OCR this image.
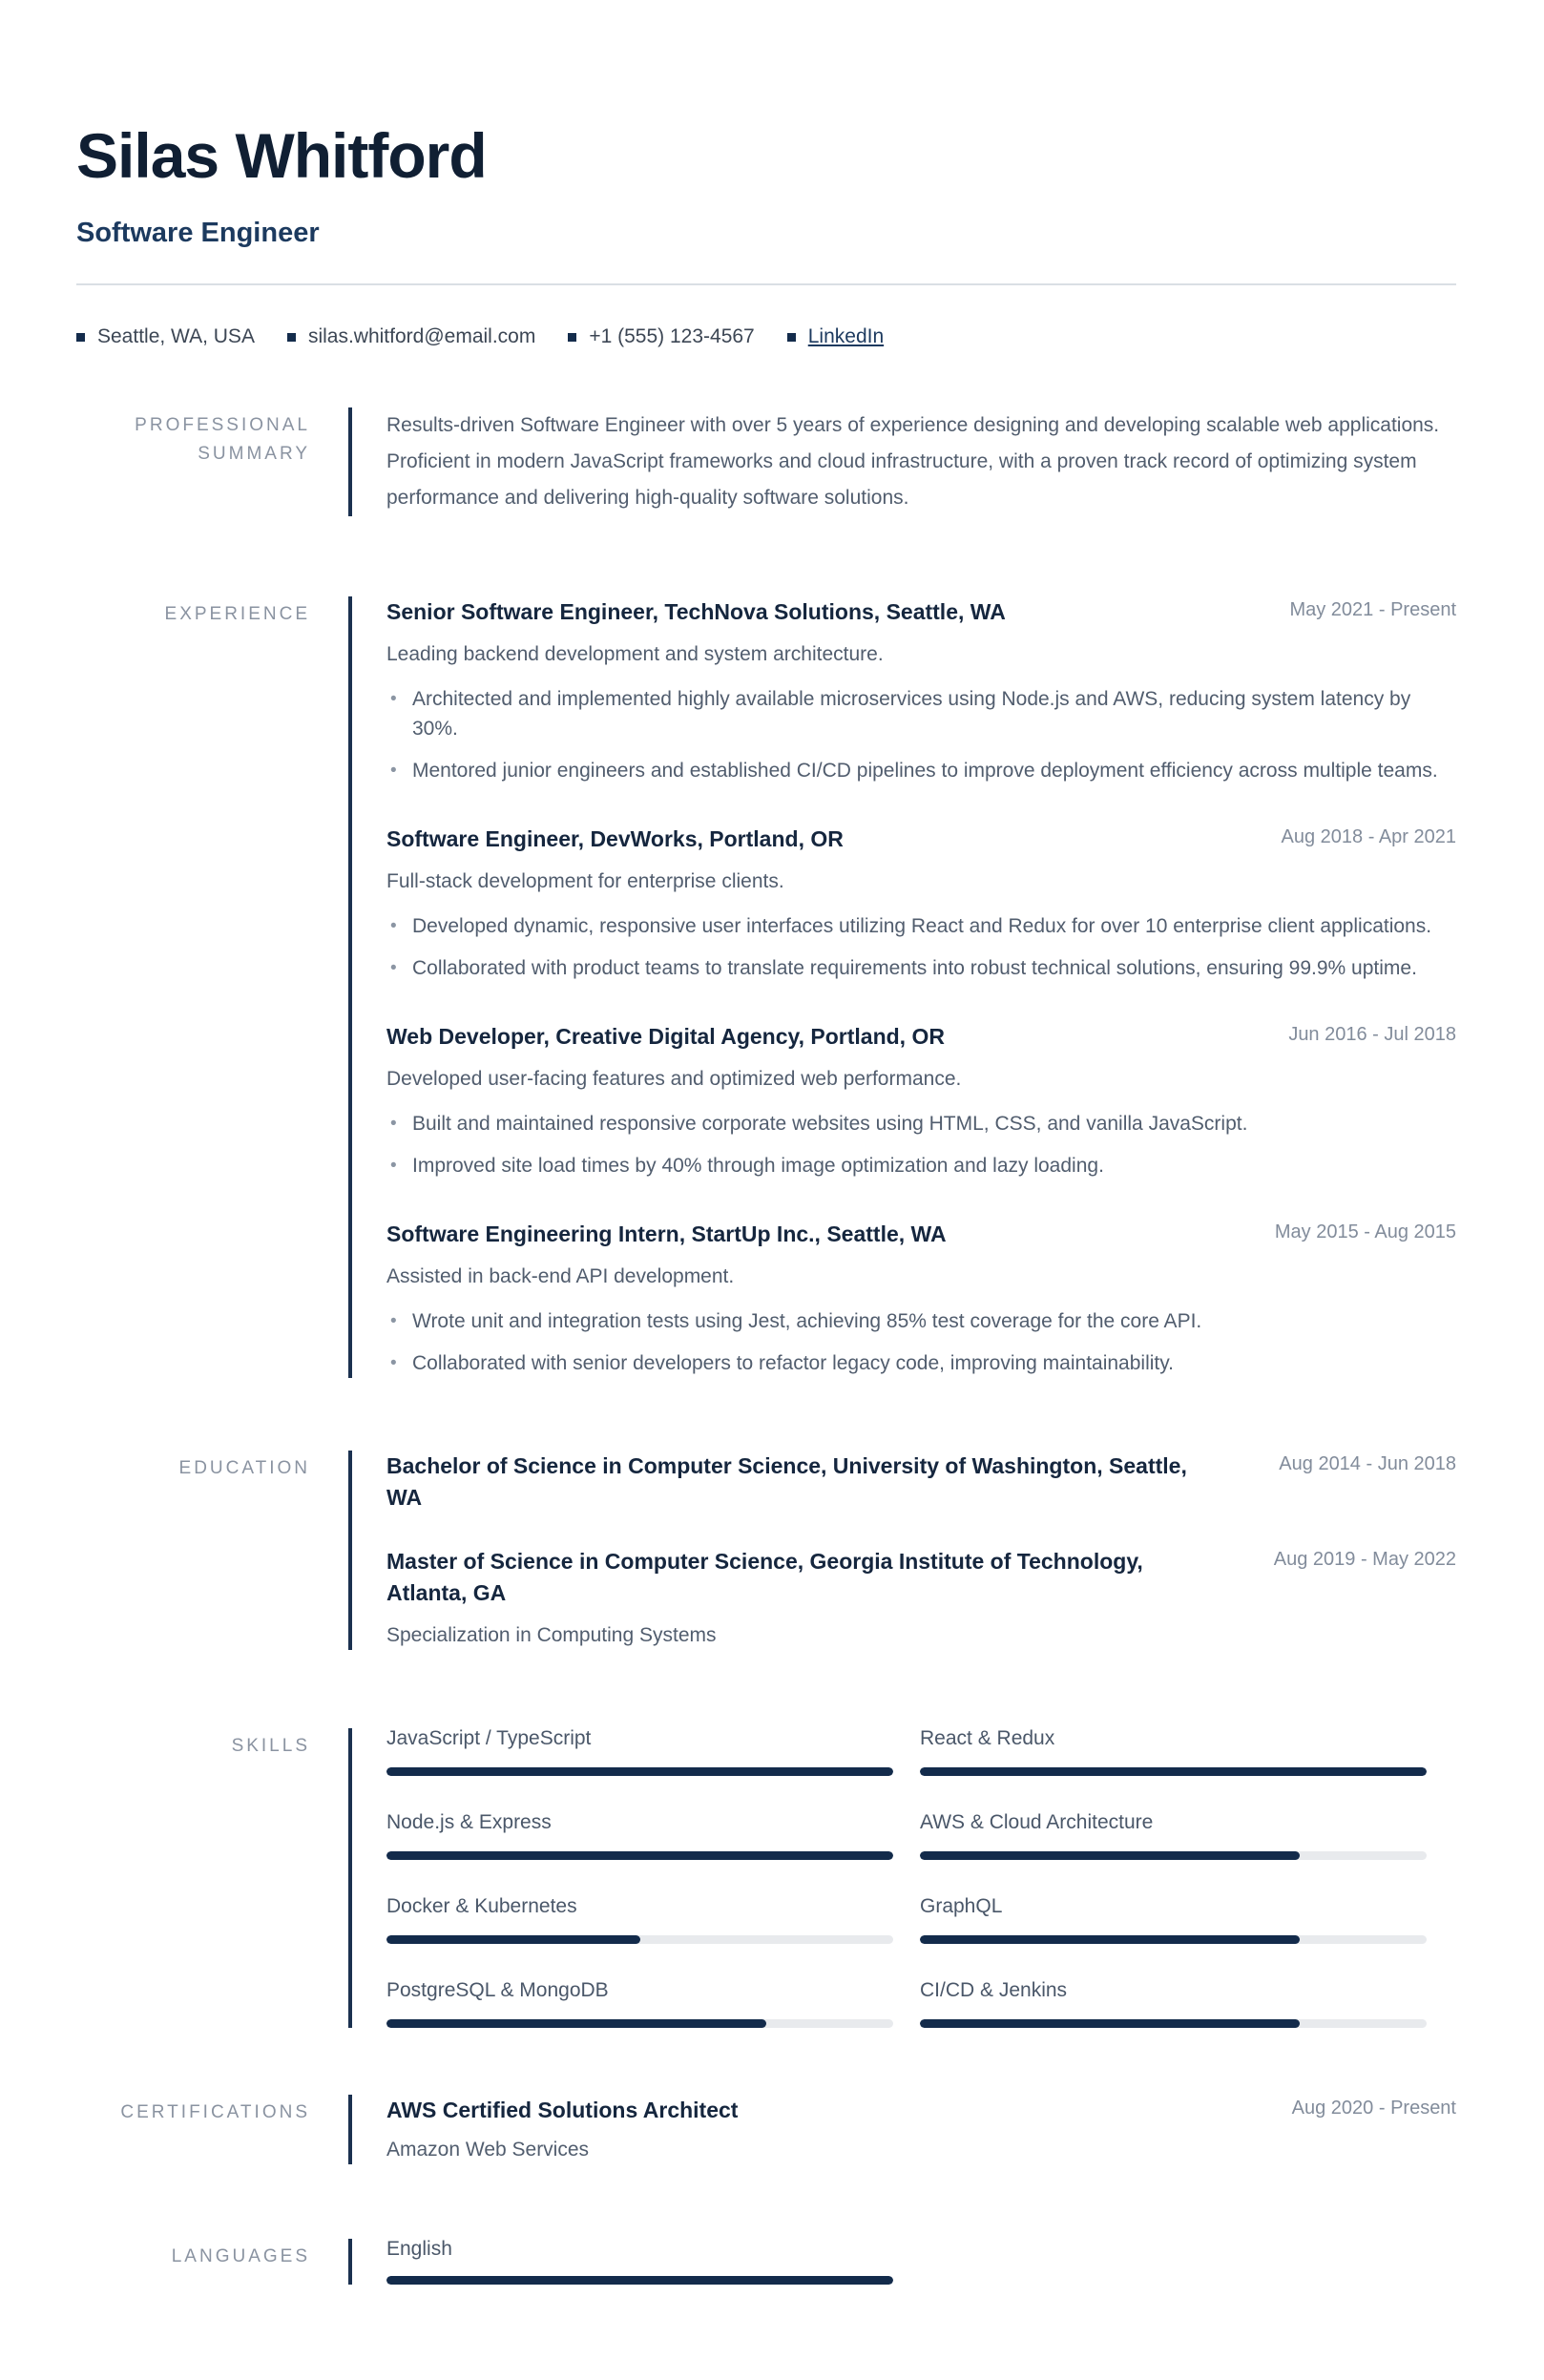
Silas Whitford
Software Engineer
Seattle, WA, USA	silas.whitford@email.com	+1 (555) 123-4567	LinkedIn
PROFESSIONAL SUMMARY

Results-driven Software Engineer with over 5 years of experience designing and developing scalable web applications. Proficient in modern JavaScript frameworks and cloud infrastructure, with a proven track record of optimizing system performance and delivering high-quality software solutions.

EXPERIENCE	Senior Software Engineer, TechNova Solutions, Seattle, WA	May 2021 - Present
Leading backend development and system architecture.
• Architected and implemented highly available microservices using Node.js and AWS, reducing system latency by 30%.
• Mentored junior engineers and established CI/CD pipelines to improve deployment efficiency across multiple teams.
Software Engineer, DevWorks, Portland, OR	Aug 2018 - Apr 2021
Full-stack development for enterprise clients.
• Developed dynamic, responsive user interfaces utilizing React and Redux for over 10 enterprise client applications.
• Collaborated with product teams to translate requirements into robust technical solutions, ensuring 99.9% uptime.
Web Developer, Creative Digital Agency, Portland, OR	Jun 2016 - Jul 2018
Developed user-facing features and optimized web performance.
• Built and maintained responsive corporate websites using HTML, CSS, and vanilla JavaScript.
• Improved site load times by 40% through image optimization and lazy loading.
Software Engineering Intern, StartUp Inc., Seattle, WA	May 2015 - Aug 2015
Assisted in back-end API development.
• Wrote unit and integration tests using Jest, achieving 85% test coverage for the core API.
• Collaborated with senior developers to refactor legacy code, improving maintainability.
EDUCATION	Bachelor of Science in Computer Science, University of Washington, Seattle, WA
Aug 2014 - Jun 2018
Master of Science in Computer Science, Georgia Institute of Technology, Atlanta, GA
Aug 2019 - May 2022
Specialization in Computing Systems
SKILLS	JavaScript / TypeScript	React & Redux
Node.js & Express	AWS & Cloud Architecture
Docker & Kubernetes	GraphQL
PostgreSQL & MongoDB	CI/CD & Jenkins
CERTIFICATIONS	AWS Certified Solutions Architect	Aug 2020 - Present
Amazon Web Services
LANGUAGES	English
